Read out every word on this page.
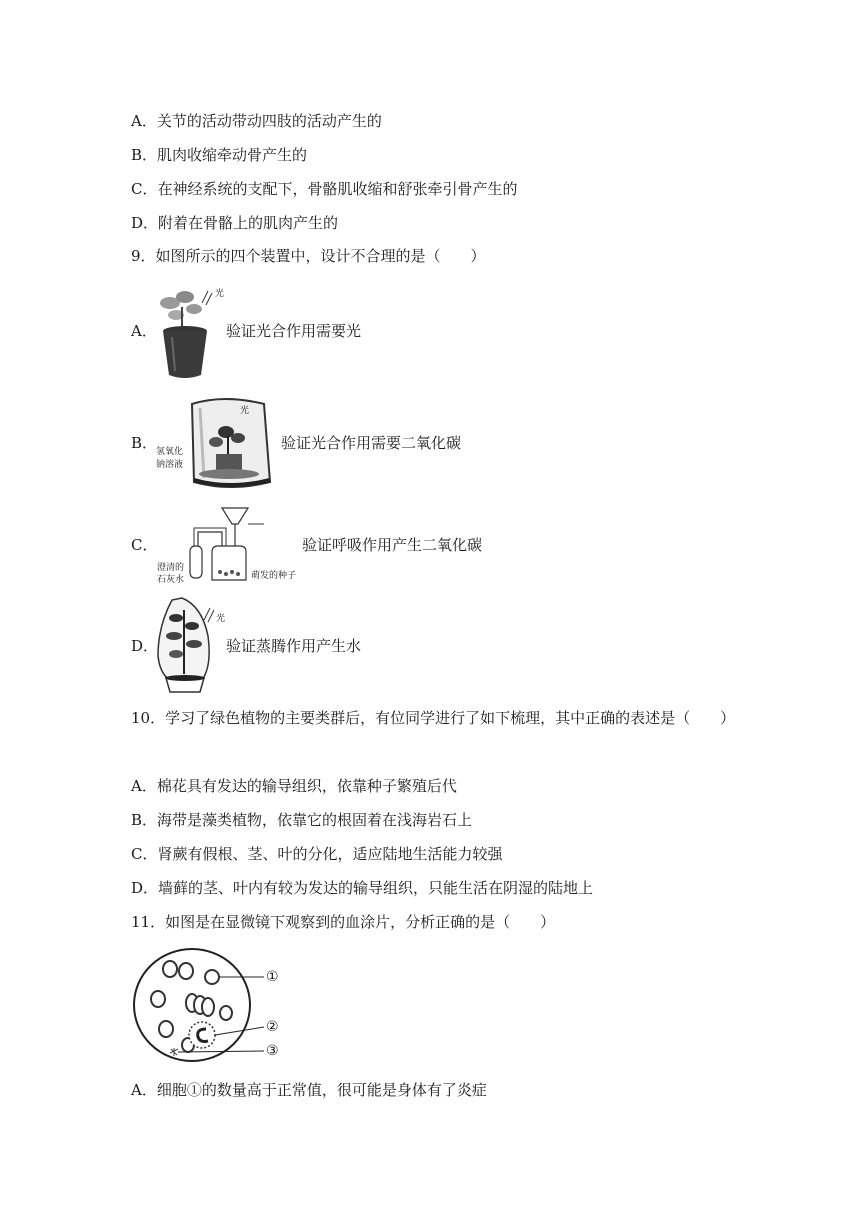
A．关节的活动带动四肢的活动产生的
B．肌肉收缩牵动骨产生的
C．在神经系统的支配下，骨骼肌收缩和舒张牵引骨产生的
D．附着在骨骼上的肌肉产生的
9．如图所示的四个装置中，设计不合理的是（　　）
A．
光
验证光合作用需要光
B．
光
氢氧化
钠溶液
验证光合作用需要二氧化碳
C．
澄清的
石灰水	萌发的种子
验证呼吸作用产生二氧化碳
D．
光
验证蒸腾作用产生水
10．学习了绿色植物的主要类群后，有位同学进行了如下梳理，其中正确的表述是（　　）
A．棉花具有发达的输导组织，依靠种子繁殖后代
B．海带是藻类植物，依靠它的根固着在浅海岩石上
C．肾蕨有假根、茎、叶的分化，适应陆地生活能力较强
D．墙藓的茎、叶内有较为发达的输导组织，只能生活在阴湿的陆地上
11．如图是在显微镜下观察到的血涂片，分析正确的是（　　）
①
②
③
A．细胞①的数量高于正常值，很可能是身体有了炎症
